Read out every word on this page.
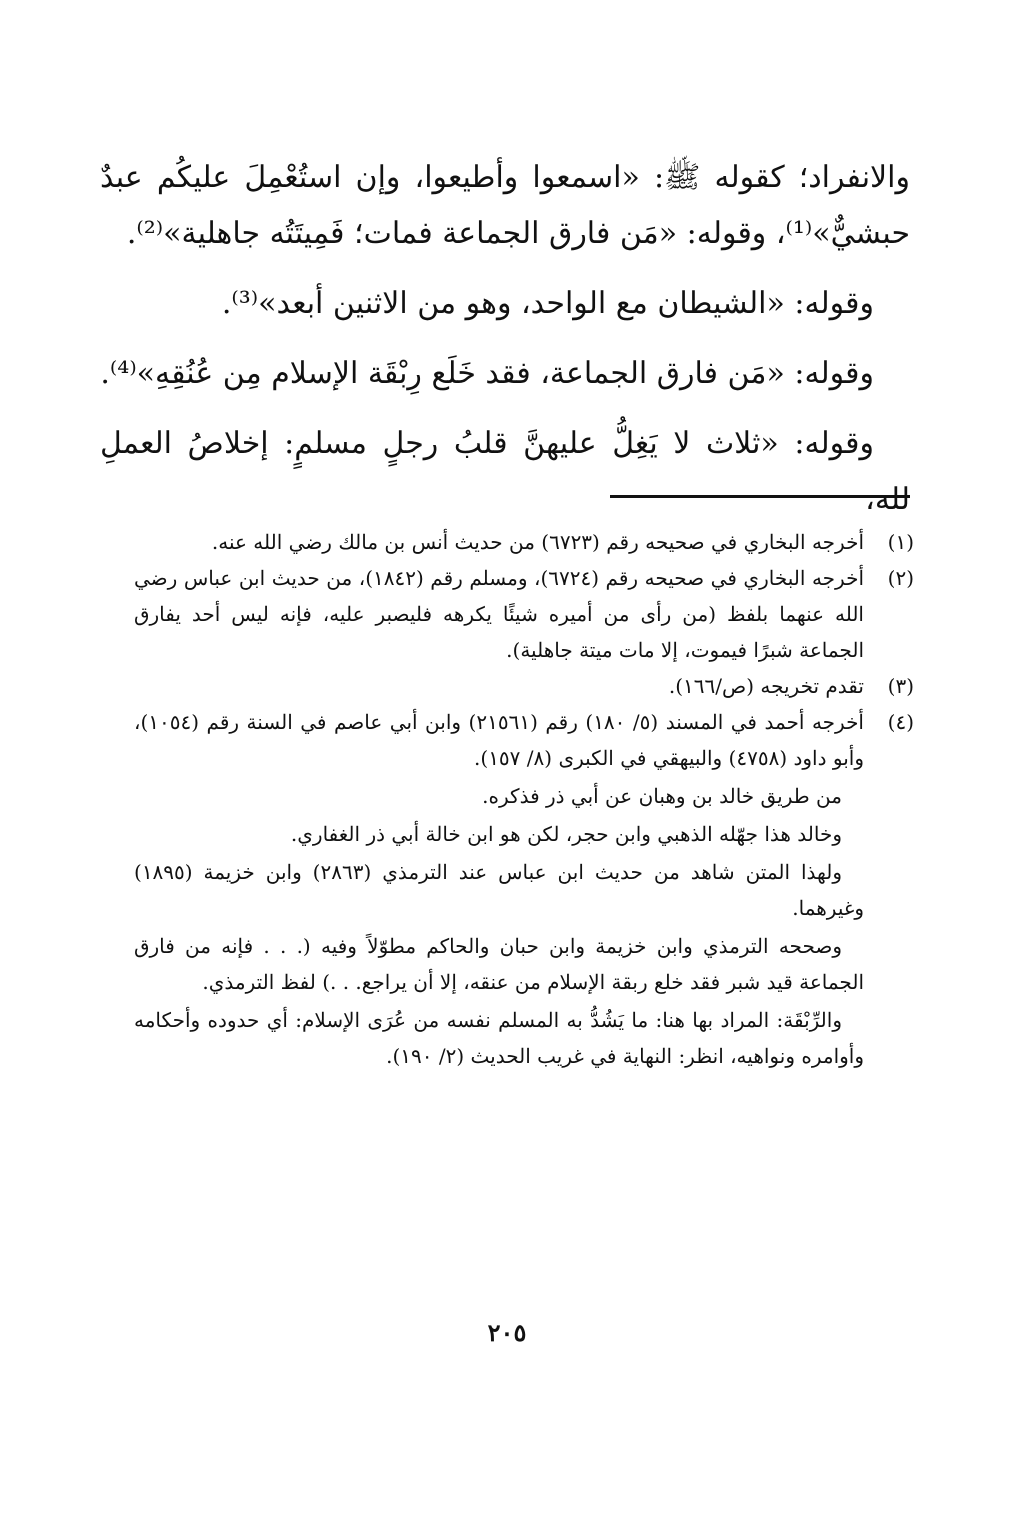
والانفراد؛ كقوله ﷺ: «اسمعوا وأطيعوا، وإن استُعْمِلَ عليكُم عبدٌ حبشيٌّ»⁽¹⁾، وقوله: «مَن فارق الجماعة فمات؛ فَمِيتَتُه جاهلية»⁽²⁾.

وقوله: «الشيطان مع الواحد، وهو من الاثنين أبعد»⁽³⁾.

وقوله: «مَن فارق الجماعة، فقد خَلَع رِبْقَة الإسلام مِن عُنُقِهِ»⁽⁴⁾.

وقوله: «ثلاث لا يَغِلُّ عليهنَّ قلبُ رجلٍ مسلمٍ: إخلاصُ العملِ لله،

(١)

أخرجه البخاري في صحيحه رقم (٦٧٢٣) من حديث أنس بن مالك رضي الله عنه.

(٢)

أخرجه البخاري في صحيحه رقم (٦٧٢٤)، ومسلم رقم (١٨٤٢)، من حديث ابن عباس رضي الله عنهما بلفظ (من رأى من أميره شيئًا يكرهه فليصبر عليه، فإنه ليس أحد يفارق الجماعة شبرًا فيموت، إلا مات ميتة جاهلية).

(٣)

تقدم تخريجه (ص/١٦٦).

(٤)

أخرجه أحمد في المسند (٥/ ١٨٠) رقم (٢١٥٦١) وابن أبي عاصم في السنة رقم (١٠٥٤)، وأبو داود (٤٧٥٨) والبيهقي في الكبرى (٨/ ١٥٧).

من طريق خالد بن وهبان عن أبي ذر فذكره.

وخالد هذا جهّله الذهبي وابن حجر، لكن هو ابن خالة أبي ذر الغفاري.

ولهذا المتن شاهد من حديث ابن عباس عند الترمذي (٢٨٦٣) وابن خزيمة (١٨٩٥) وغيرهما.

وصححه الترمذي وابن خزيمة وابن حبان والحاكم مطوّلاً وفيه (. . . فإنه من فارق الجماعة قيد شبر فقد خلع ربقة الإسلام من عنقه، إلا أن يراجع. . .) لفظ الترمذي.

والرِّبْقَة: المراد بها هنا: ما يَشُدُّ به المسلم نفسه من عُرَى الإسلام: أي حدوده وأحكامه وأوامره ونواهيه، انظر: النهاية في غريب الحديث (٢/ ١٩٠).

٢٠٥
